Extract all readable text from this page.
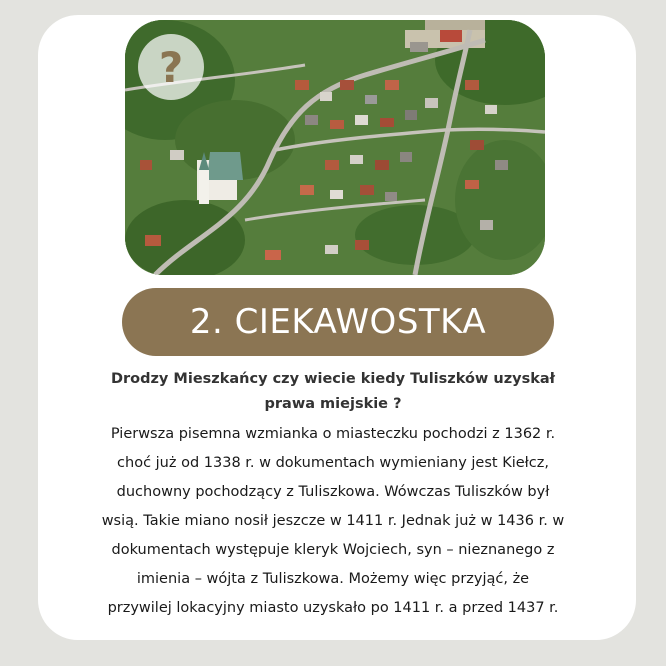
?
2. CIEKAWOSTKA
Drodzy Mieszkańcy czy wiecie kiedy Tuliszków uzyskał
prawa miejskie ?
Pierwsza pisemna wzmianka o miasteczku pochodzi z 1362 r.
choć już od 1338 r. w dokumentach wymieniany jest Kiełcz,
duchowny pochodzący z Tuliszkowa. Wówczas Tuliszków był
wsią. Takie miano nosił jeszcze w 1411 r. Jednak już w 1436 r. w
dokumentach występuje kleryk Wojciech, syn – nieznanego z
imienia – wójta z Tuliszkowa. Możemy więc przyjąć, że
przywilej lokacyjny miasto uzyskało po 1411 r. a przed 1437 r.
